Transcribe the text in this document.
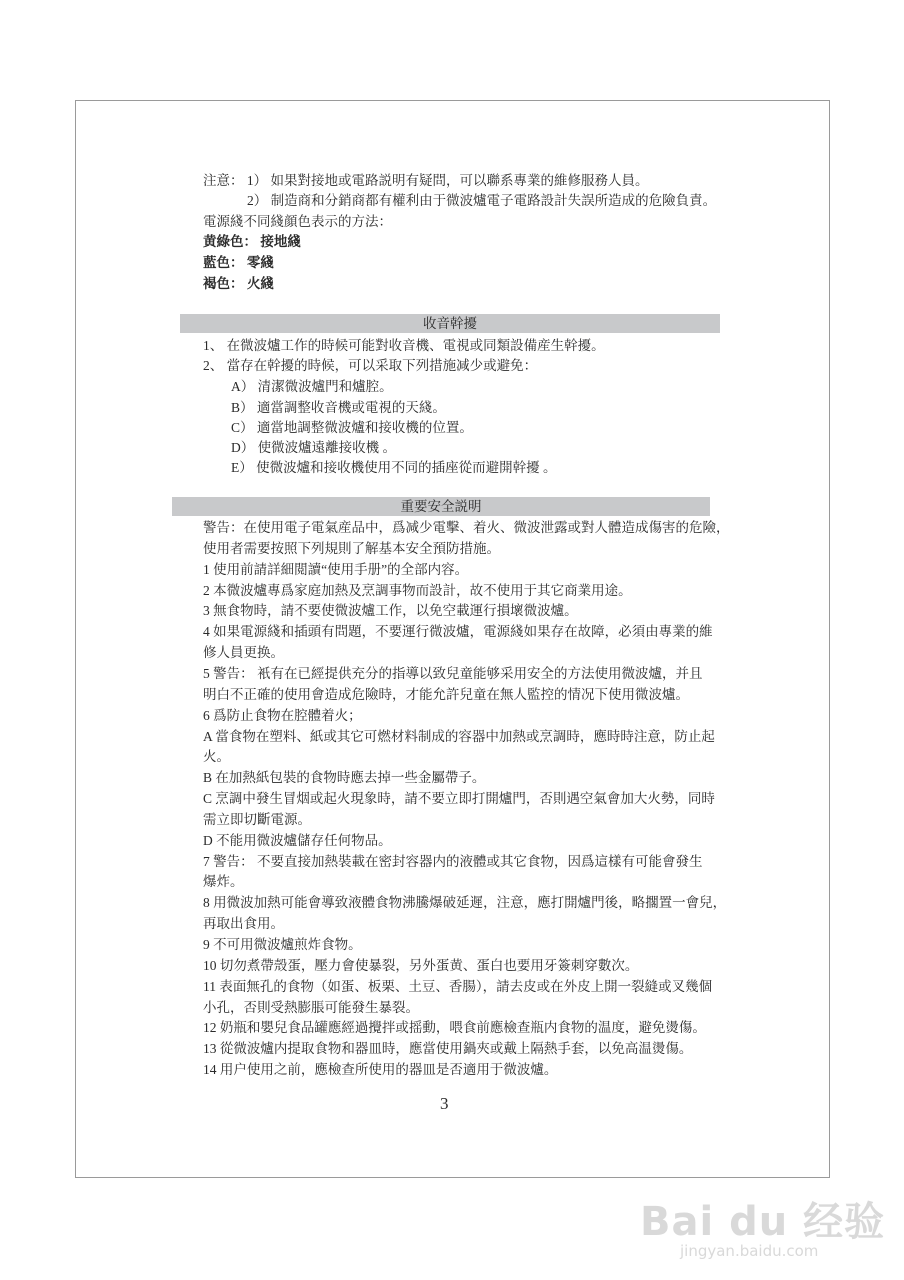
注意： 1） 如果對接地或電路説明有疑問，可以聯系專業的維修服務人員。
2） 制造商和分銷商都有權利由于微波爐電子電路設計失誤所造成的危險負責。
電源綫不同綫顔色表示的方法：
黄綠色： 接地綫
藍色： 零綫
褐色： 火綫
收音幹擾
1、 在微波爐工作的時候可能對收音機、電視或同類設備産生幹擾。
2、 當存在幹擾的時候，可以采取下列措施减少或避免：
A） 清潔微波爐門和爐腔。
B） 適當調整收音機或電視的天綫。
C） 適當地調整微波爐和接收機的位置。
D） 使微波爐遠離接收機 。
E） 使微波爐和接收機使用不同的插座從而避開幹擾 。
重要安全説明
警告：在使用電子電氣産品中，爲减少電擊、着火、微波泄露或對人體造成傷害的危險，
使用者需要按照下列規則了解基本安全預防措施。
1 使用前請詳細閲讀“使用手册”的全部内容。
2 本微波爐專爲家庭加熱及烹調事物而設計，故不使用于其它商業用途。
3 無食物時，請不要使微波爐工作，以免空載運行損壞微波爐。
4 如果電源綫和插頭有問題，不要運行微波爐，電源綫如果存在故障，必須由專業的維
修人員更换。
5 警告： 衹有在已經提供充分的指導以致兒童能够采用安全的方法使用微波爐，并且
明白不正確的使用會造成危險時，才能允許兒童在無人監控的情况下使用微波爐。
6 爲防止食物在腔體着火；
A 當食物在塑料、紙或其它可燃材料制成的容器中加熱或烹調時，應時時注意，防止起
火。
B 在加熱紙包裝的食物時應去掉一些金屬帶子。
C 烹調中發生冒烟或起火現象時，請不要立即打開爐門，否則遇空氣會加大火勢，同時
需立即切斷電源。
D 不能用微波爐儲存任何物品。
7 警告： 不要直接加熱裝載在密封容器内的液體或其它食物，因爲這樣有可能會發生
爆炸。
8 用微波加熱可能會導致液體食物沸騰爆破延遲，注意，應打開爐門後，略擱置一會兒，
再取出食用。
9 不可用微波爐煎炸食物。
10 切勿煮帶殼蛋，壓力會使暴裂，另外蛋黄、蛋白也要用牙簽刺穿數次。
11 表面無孔的食物（如蛋、板栗、土豆、香腸），請去皮或在外皮上開一裂縫或叉幾個
小孔，否則受熱膨脹可能發生暴裂。
12 奶瓶和嬰兒食品罐應經過攪拌或摇動，喂食前應檢查瓶内食物的温度，避免燙傷。
13 從微波爐内提取食物和器皿時，應當使用鍋夾或戴上隔熱手套，以免高温燙傷。
14 用户使用之前，應檢查所使用的器皿是否適用于微波爐。
3
Bai du 经验
jingyan.baidu.com
